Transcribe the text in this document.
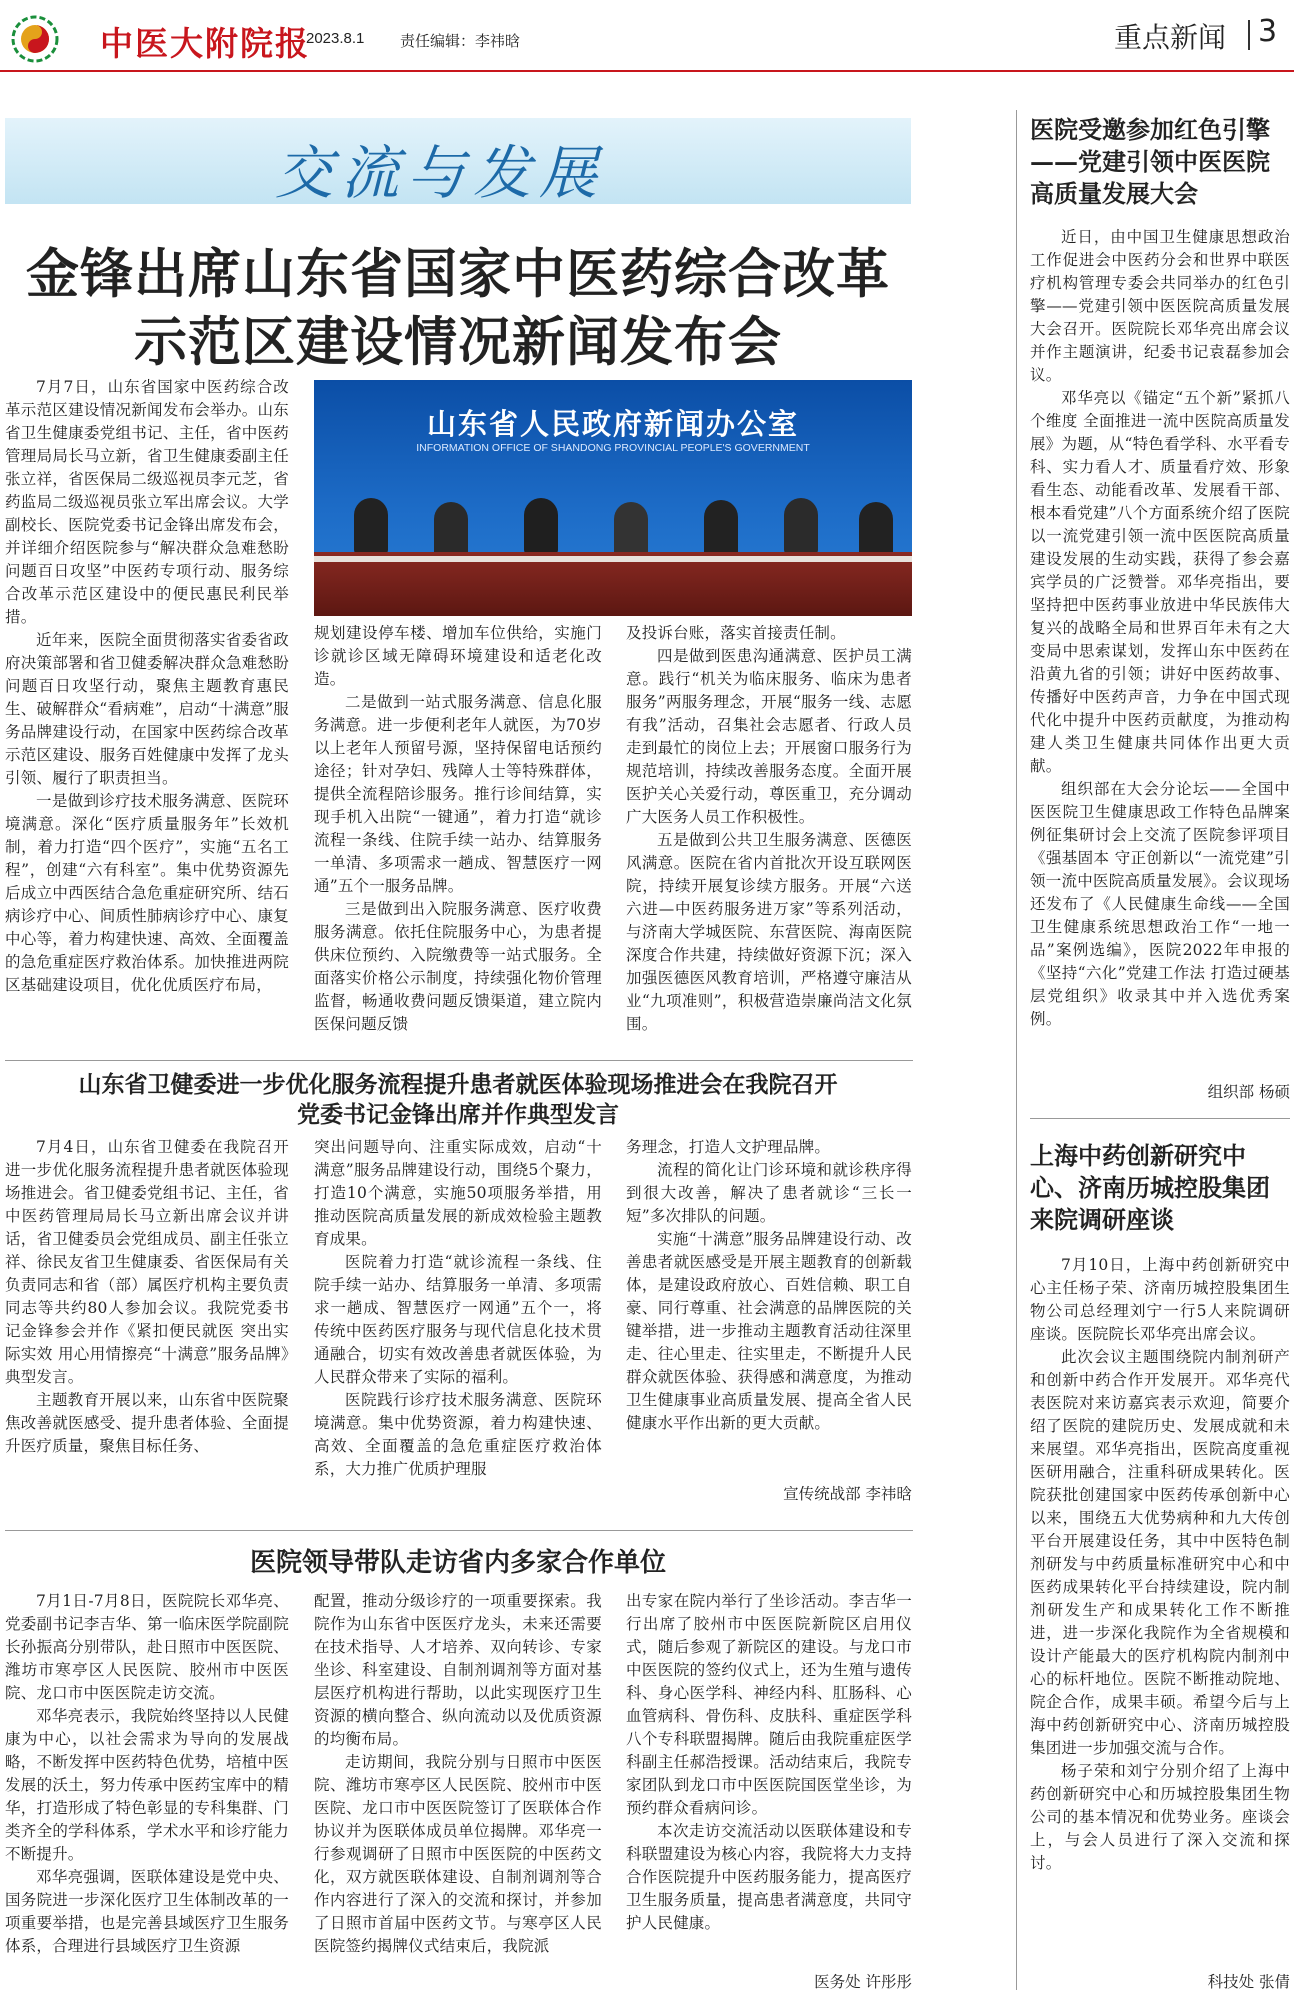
中医大附院报
2023.8.1 责任编辑：李祎晗	重点新闻 3
交流与发展
金锋出席山东省国家中医药综合改革
示范区建设情况新闻发布会

7月7日，山东省国家中医药综合改革示范区建设情况新闻发布会举办。山东省卫生健康委党组书记、主任，省中医药管理局局长马立新，省卫生健康委副主任张立祥，省医保局二级巡视员李元芝，省药监局二级巡视员张立军出席会议。大学副校长、医院党委书记金锋出席发布会，并详细介绍医院参与“解决群众急难愁盼问题百日攻坚”中医药专项行动、服务综合改革示范区建设中的便民惠民利民举措。

近年来，医院全面贯彻落实省委省政府决策部署和省卫健委解决群众急难愁盼问题百日攻坚行动，聚焦主题教育惠民生、破解群众“看病难”，启动“十满意”服务品牌建设行动，在国家中医药综合改革示范区建设、服务百姓健康中发挥了龙头引领、履行了职责担当。

一是做到诊疗技术服务满意、医院环境满意。深化“医疗质量服务年”长效机制，着力打造“四个医疗”，实施“五名工程”，创建“六有科室”。集中优势资源先后成立中西医结合急危重症研究所、结石病诊疗中心、间质性肺病诊疗中心、康复中心等，着力构建快速、高效、全面覆盖的急危重症医疗救治体系。加快推进两院区基础建设项目，优化优质医疗布局，

山东省人民政府新闻办公室
INFORMATION OFFICE OF SHANDONG PROVINCIAL PEOPLE'S GOVERNMENT

规划建设停车楼、增加车位供给，实施门诊就诊区域无障碍环境建设和适老化改造。

二是做到一站式服务满意、信息化服务满意。进一步便利老年人就医，为70岁以上老年人预留号源，坚持保留电话预约途径；针对孕妇、残障人士等特殊群体，提供全流程陪诊服务。推行诊间结算，实现手机入出院“一键通”，着力打造“就诊流程一条线、住院手续一站办、结算服务一单清、多项需求一趟成、智慧医疗一网通”五个一服务品牌。

三是做到出入院服务满意、医疗收费服务满意。依托住院服务中心，为患者提供床位预约、入院缴费等一站式服务。全面落实价格公示制度，持续强化物价管理监督，畅通收费问题反馈渠道，建立院内医保问题反馈

及投诉台账，落实首接责任制。

四是做到医患沟通满意、医护员工满意。践行“机关为临床服务、临床为患者服务”两服务理念，开展“服务一线、志愿有我”活动，召集社会志愿者、行政人员走到最忙的岗位上去；开展窗口服务行为规范培训，持续改善服务态度。全面开展医护关心关爱行动，尊医重卫，充分调动广大医务人员工作积极性。

五是做到公共卫生服务满意、医德医风满意。医院在省内首批次开设互联网医院，持续开展复诊续方服务。开展“六送六进—中医药服务进万家”等系列活动，与济南大学城医院、东营医院、海南医院深度合作共建，持续做好资源下沉；深入加强医德医风教育培训，严格遵守廉洁从业“九项准则”，积极营造崇廉尚洁文化氛围。

山东省卫健委进一步优化服务流程提升患者就医体验现场推进会在我院召开
党委书记金锋出席并作典型发言

7月4日，山东省卫健委在我院召开进一步优化服务流程提升患者就医体验现场推进会。省卫健委党组书记、主任，省中医药管理局局长马立新出席会议并讲话，省卫健委员会党组成员、副主任张立祥、徐民友省卫生健康委、省医保局有关负责同志和省（部）属医疗机构主要负责同志等共约80人参加会议。我院党委书记金锋参会并作《紧扣便民就医 突出实际实效 用心用情擦亮“十满意”服务品牌》典型发言。

主题教育开展以来，山东省中医院聚焦改善就医感受、提升患者体验、全面提升医疗质量，聚焦目标任务、

突出问题导向、注重实际成效，启动“十满意”服务品牌建设行动，围绕5个聚力，打造10个满意，实施50项服务举措，用推动医院高质量发展的新成效检验主题教育成果。

医院着力打造“就诊流程一条线、住院手续一站办、结算服务一单清、多项需求一趟成、智慧医疗一网通”五个一，将传统中医药医疗服务与现代信息化技术贯通融合，切实有效改善患者就医体验，为人民群众带来了实际的福利。

医院践行诊疗技术服务满意、医院环境满意。集中优势资源，着力构建快速、高效、全面覆盖的急危重症医疗救治体系，大力推广优质护理服

务理念，打造人文护理品牌。

流程的简化让门诊环境和就诊秩序得到很大改善，解决了患者就诊“三长一短”多次排队的问题。

实施“十满意”服务品牌建设行动、改善患者就医感受是开展主题教育的创新载体，是建设政府放心、百姓信赖、职工自豪、同行尊重、社会满意的品牌医院的关键举措，进一步推动主题教育活动往深里走、往心里走、往实里走，不断提升人民群众就医体验、获得感和满意度，为推动卫生健康事业高质量发展、提高全省人民健康水平作出新的更大贡献。

宣传统战部 李祎晗
医院领导带队走访省内多家合作单位

7月1日-7月8日，医院院长邓华亮、党委副书记李吉华、第一临床医学院副院长孙振高分别带队，赴日照市中医医院、潍坊市寒亭区人民医院、胶州市中医医院、龙口市中医医院走访交流。

邓华亮表示，我院始终坚持以人民健康为中心，以社会需求为导向的发展战略，不断发挥中医药特色优势，培植中医发展的沃土，努力传承中医药宝库中的精华，打造形成了特色彰显的专科集群、门类齐全的学科体系，学术水平和诊疗能力不断提升。

邓华亮强调，医联体建设是党中央、国务院进一步深化医疗卫生体制改革的一项重要举措，也是完善县域医疗卫生服务体系，合理进行县域医疗卫生资源

配置，推动分级诊疗的一项重要探索。我院作为山东省中医医疗龙头，未来还需要在技术指导、人才培养、双向转诊、专家坐诊、科室建设、自制剂调剂等方面对基层医疗机构进行帮助，以此实现医疗卫生资源的横向整合、纵向流动以及优质资源的均衡布局。

走访期间，我院分别与日照市中医医院、潍坊市寒亭区人民医院、胶州市中医医院、龙口市中医医院签订了医联体合作协议并为医联体成员单位揭牌。邓华亮一行参观调研了日照市中医医院的中医药文化，双方就医联体建设、自制剂调剂等合作内容进行了深入的交流和探讨，并参加了日照市首届中医药文节。与寒亭区人民医院签约揭牌仪式结束后，我院派

出专家在院内举行了坐诊活动。李吉华一行出席了胶州市中医医院新院区启用仪式，随后参观了新院区的建设。与龙口市中医医院的签约仪式上，还为生殖与遗传科、身心医学科、神经内科、肛肠科、心血管病科、骨伤科、皮肤科、重症医学科八个专科联盟揭牌。随后由我院重症医学科副主任郝浩授课。活动结束后，我院专家团队到龙口市中医医院国医堂坐诊，为预约群众看病问诊。

本次走访交流活动以医联体建设和专科联盟建设为核心内容，我院将大力支持合作医院提升中医药服务能力，提高医疗卫生服务质量，提高患者满意度，共同守护人民健康。

医务处 许彤彤
医院受邀参加红色引擎——党建引领中医医院高质量发展大会

近日，由中国卫生健康思想政治工作促进会中医药分会和世界中联医疗机构管理专委会共同举办的红色引擎——党建引领中医医院高质量发展大会召开。医院院长邓华亮出席会议并作主题演讲，纪委书记袁磊参加会议。

邓华亮以《锚定“五个新”紧抓八个维度 全面推进一流中医院高质量发展》为题，从“特色看学科、水平看专科、实力看人才、质量看疗效、形象看生态、动能看改革、发展看干部、根本看党建”八个方面系统介绍了医院以一流党建引领一流中医医院高质量建设发展的生动实践，获得了参会嘉宾学员的广泛赞誉。邓华亮指出，要坚持把中医药事业放进中华民族伟大复兴的战略全局和世界百年未有之大变局中思索谋划，发挥山东中医药在沿黄九省的引领；讲好中医药故事、传播好中医药声音，力争在中国式现代化中提升中医药贡献度，为推动构建人类卫生健康共同体作出更大贡献。

组织部在大会分论坛——全国中医医院卫生健康思政工作特色品牌案例征集研讨会上交流了医院参评项目《强基固本 守正创新以“一流党建”引领一流中医院高质量发展》。会议现场还发布了《人民健康生命线——全国卫生健康系统思想政治工作“一地一品”案例选编》，医院2022年申报的《坚持“六化”党建工作法 打造过硬基层党组织》收录其中并入选优秀案例。

组织部 杨硕
上海中药创新研究中心、济南历城控股集团来院调研座谈

7月10日，上海中药创新研究中心主任杨子荣、济南历城控股集团生物公司总经理刘宁一行5人来院调研座谈。医院院长邓华亮出席会议。

此次会议主题围绕院内制剂研产和创新中药合作开发展开。邓华亮代表医院对来访嘉宾表示欢迎，简要介绍了医院的建院历史、发展成就和未来展望。邓华亮指出，医院高度重视医研用融合，注重科研成果转化。医院获批创建国家中医药传承创新中心以来，围绕五大优势病种和九大传创平台开展建设任务，其中中医特色制剂研发与中药质量标准研究中心和中医药成果转化平台持续建设，院内制剂研发生产和成果转化工作不断推进，进一步深化我院作为全省规模和设计产能最大的医疗机构院内制剂中心的标杆地位。医院不断推动院地、院企合作，成果丰硕。希望今后与上海中药创新研究中心、济南历城控股集团进一步加强交流与合作。

杨子荣和刘宁分别介绍了上海中药创新研究中心和历城控股集团生物公司的基本情况和优势业务。座谈会上，与会人员进行了深入交流和探讨。

科技处 张倩
